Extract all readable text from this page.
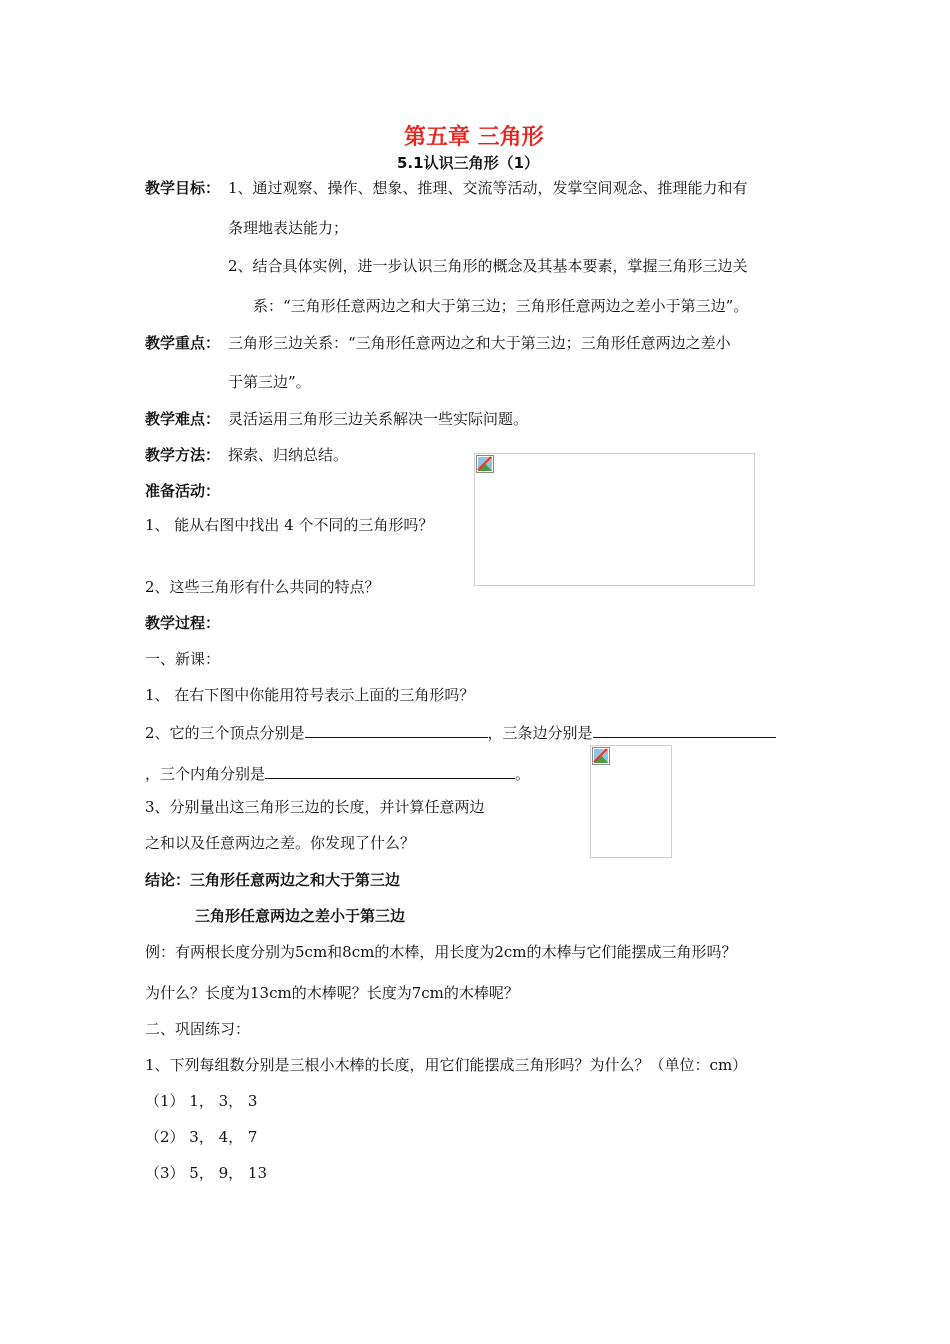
第五章 三角形
5.1认识三角形（1）
教学目标： 1、通过观察、操作、想象、推理、交流等活动，发掌空间观念、推理能力和有
条理地表达能力；
2、结合具体实例，进一步认识三角形的概念及其基本要素，掌握三角形三边关
系：“三角形任意两边之和大于第三边；三角形任意两边之差小于第三边”。
教学重点： 三角形三边关系：“三角形任意两边之和大于第三边；三角形任意两边之差小
于第三边”。
教学难点： 灵活运用三角形三边关系解决一些实际问题。
教学方法： 探索、归纳总结。
准备活动：
1、 能从右图中找出 4 个不同的三角形吗？
2、这些三角形有什么共同的特点？
教学过程：
一、新课：
1、 在右下图中你能用符号表示上面的三角形吗？
2、它的三个顶点分别是	，三条边分别是
，三个内角分别是	。
3、分别量出这三角形三边的长度，并计算任意两边
之和以及任意两边之差。你发现了什么？
结论：三角形任意两边之和大于第三边
三角形任意两边之差小于第三边
例：有两根长度分别为5cm和8cm的木棒，用长度为2cm的木棒与它们能摆成三角形吗？
为什么？长度为13cm的木棒呢？长度为7cm的木棒呢？
二、巩固练习：
1、下列每组数分别是三根小木棒的长度，用它们能摆成三角形吗？为什么？（单位：cm）
（1） 1， 3， 3
（2） 3， 4， 7
（3） 5， 9， 13
